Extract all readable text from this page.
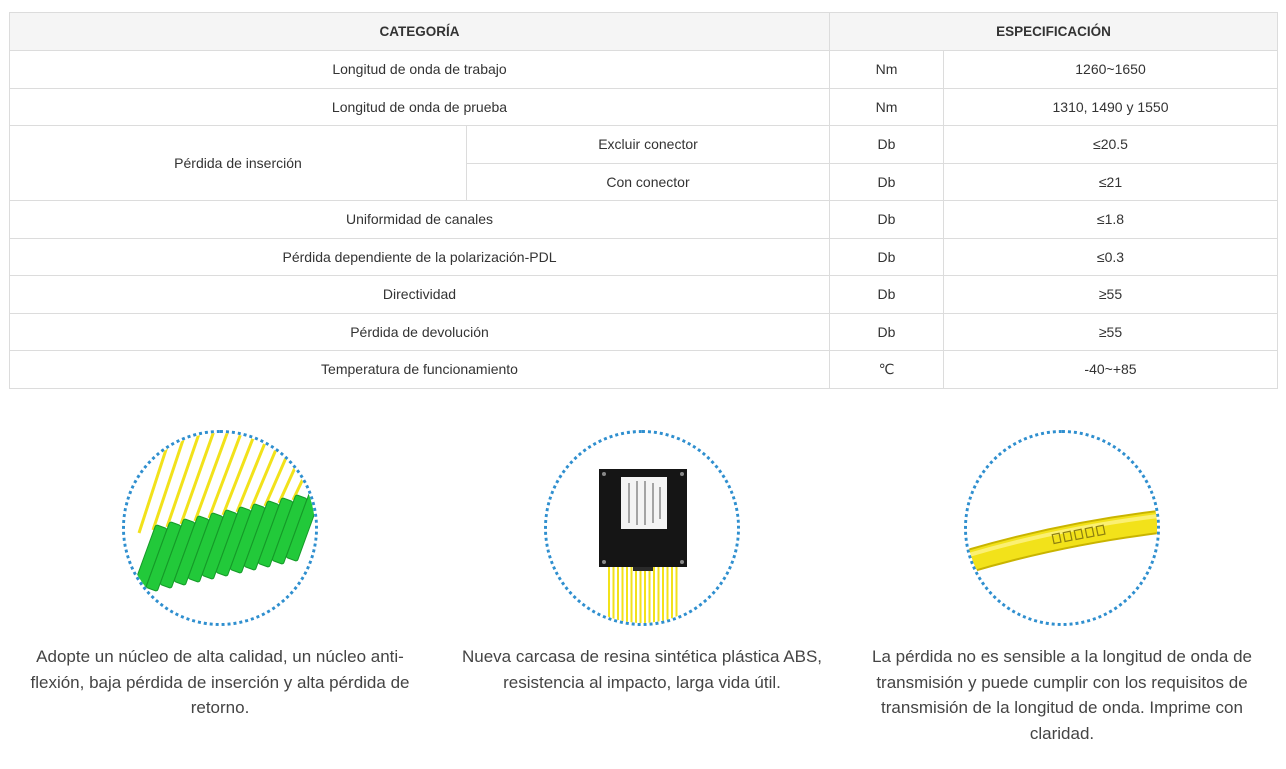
CATEGORÍA		ESPECIFICACIÓN	
Longitud de onda de trabajo		Nm	1260~1650
Longitud de onda de prueba		Nm	1310, 1490 y 1550
Pérdida de inserción	Excluir conector	Db	≤20.5
	Con conector	Db	≤21
Uniformidad de canales		Db	≤1.8
Pérdida dependiente de la polarización-PDL		Db	≤0.3
Directividad		Db	≥55
Pérdida de devolución		Db	≥55
Temperatura de funcionamiento		℃	-40~+85

Adopte un núcleo de alta calidad, un núcleo anti-flexión, baja pérdida de inserción y alta pérdida de retorno.

Nueva carcasa de resina sintética plástica ABS, resistencia al impacto, larga vida útil.

La pérdida no es sensible a la longitud de onda de transmisión y puede cumplir con los requisitos de transmisión de la longitud de onda. Imprime con claridad.
